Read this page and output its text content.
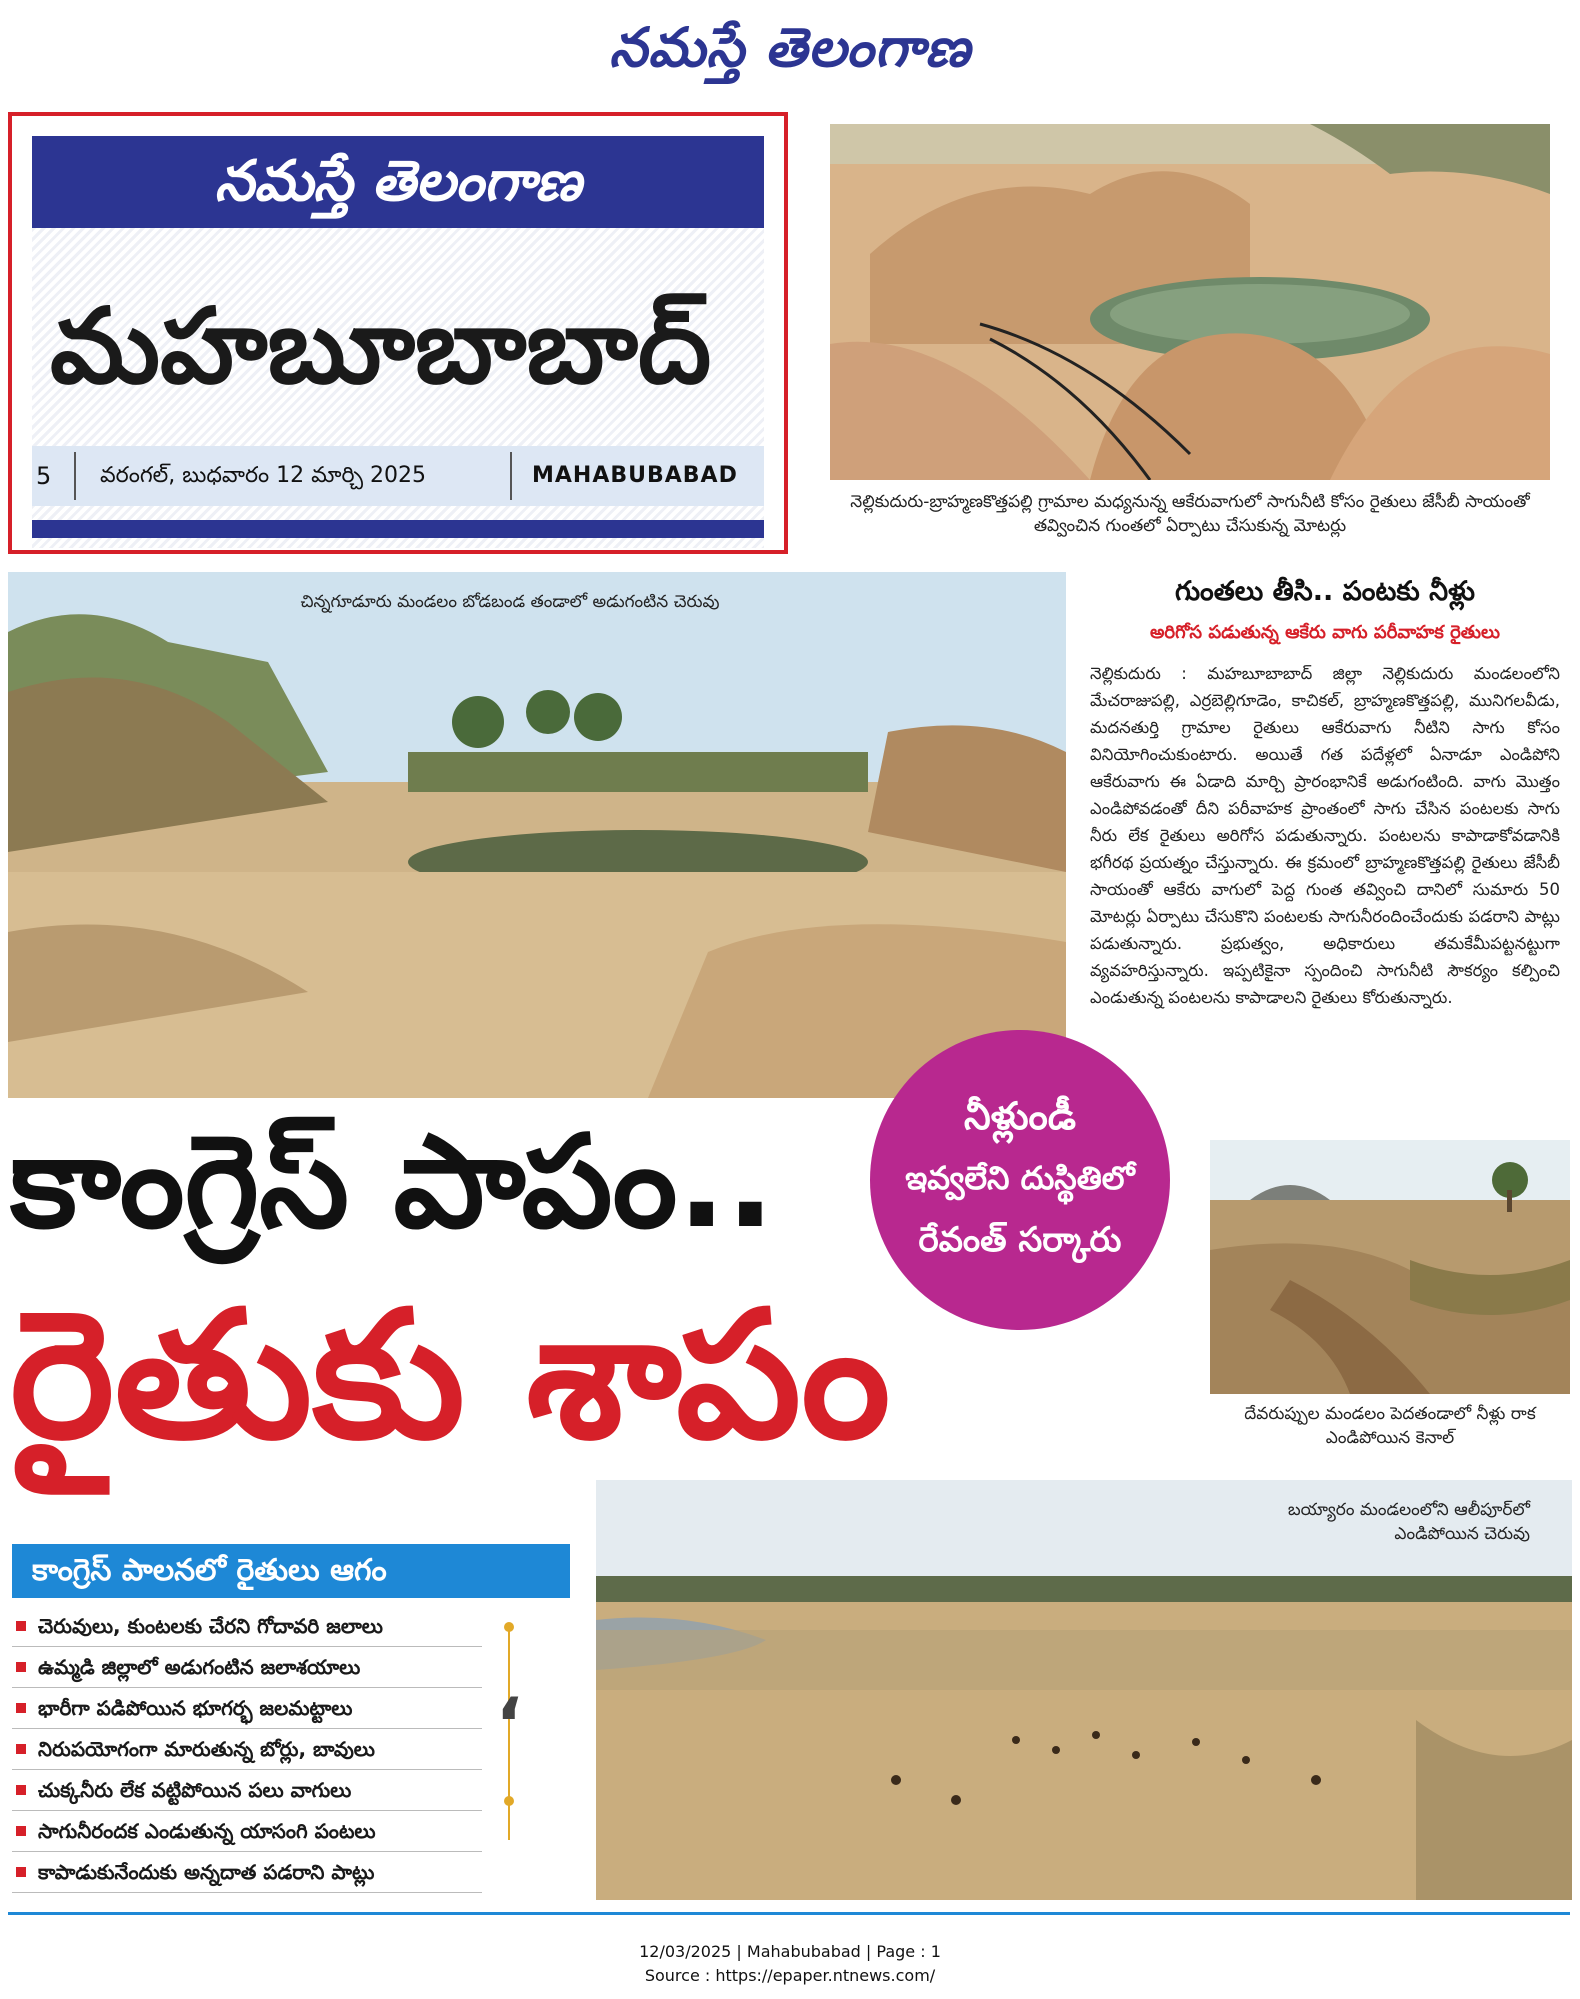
నమస్తే తెలంగాణ
నమస్తే తెలంగాణ
మహబూబాబాద్
5	వరంగల్, బుధవారం 12 మార్చి 2025	MAHABUBABAD
నెల్లికుదురు-బ్రాహ్మణకొత్తపల్లి గ్రామాల మధ్యనున్న ఆకేరువాగులో సాగునీటి కోసం రైతులు జేసీబీ సాయంతో తవ్వించిన గుంతలో ఏర్పాటు చేసుకున్న మోటర్లు
చిన్నగూడూరు మండలం బోడబండ తండాలో అడుగంటిన చెరువు	గుంతలు తీసి.. పంటకు నీళ్లు
అరిగోస పడుతున్న ఆకేరు వాగు పరీవాహక రైతులు
నెల్లికుదురు : మహబూబాబాద్ జిల్లా నెల్లికుదురు మండలంలోని మేచరాజుపల్లి, ఎర్రబెల్లిగూడెం, కాచికల్, బ్రాహ్మణకొత్తపల్లి, మునిగలవీడు, మదనతుర్తి గ్రామాల రైతులు ఆకేరువాగు నీటిని సాగు కోసం వినియోగించుకుంటారు. అయితే గత పదేళ్లలో ఏనాడూ ఎండిపోని ఆకేరువాగు ఈ ఏడాది మార్చి ప్రారంభానికే అడుగంటింది. వాగు మొత్తం ఎండిపోవడంతో దీని పరీవాహక ప్రాంతంలో సాగు చేసిన పంటలకు సాగు నీరు లేక రైతులు అరిగోస పడుతున్నారు. పంటలను కాపాడాకోవడానికి భగీరథ ప్రయత్నం చేస్తున్నారు. ఈ క్రమంలో బ్రాహ్మణకొత్తపల్లి రైతులు జేసీబీ సాయంతో ఆకేరు వాగులో పెద్ద గుంత తవ్వించి దానిలో సుమారు 50 మోటర్లు ఏర్పాటు చేసుకొని పంటలకు సాగునీరందించేందుకు పడరాని పాట్లు పడుతున్నారు. ప్రభుత్వం, అధికారులు తమకేమీపట్టనట్టుగా వ్యవహరిస్తున్నారు. ఇప్పటికైనా స్పందించి సాగునీటి సౌకర్యం కల్పించి ఎండుతున్న పంటలను కాపాడాలని రైతులు కోరుతున్నారు.
కాంగ్రెస్ పాపం..
రైతుకు శాపం
నీళ్లుండీ
ఇవ్వలేని దుస్థితిలో
రేవంత్ సర్కారు
దేవరుప్పుల మండలం పెదతండాలో నీళ్లు రాక ఎండిపోయిన కెనాల్
బయ్యారం మండలంలోని ఆలీపూర్‌లో ఎండిపోయిన చెరువు
కాంగ్రెస్ పాలనలో రైతులు ఆగం
చెరువులు, కుంటలకు చేరని గోదావరి జలాలు
ఉమ్మడి జిల్లాలో అడుగంటిన జలాశయాలు
భారీగా పడిపోయిన భూగర్భ జలమట్టాలు
నిరుపయోగంగా మారుతున్న బోర్లు, బావులు
చుక్కనీరు లేక వట్టిపోయిన పలు వాగులు
సాగునీరందక ఎండుతున్న యాసంగి పంటలు
కాపాడుకునేందుకు అన్నదాత పడరాని పాట్లు
‘
12/03/2025 | Mahabubabad | Page : 1
Source : https://epaper.ntnews.com/
